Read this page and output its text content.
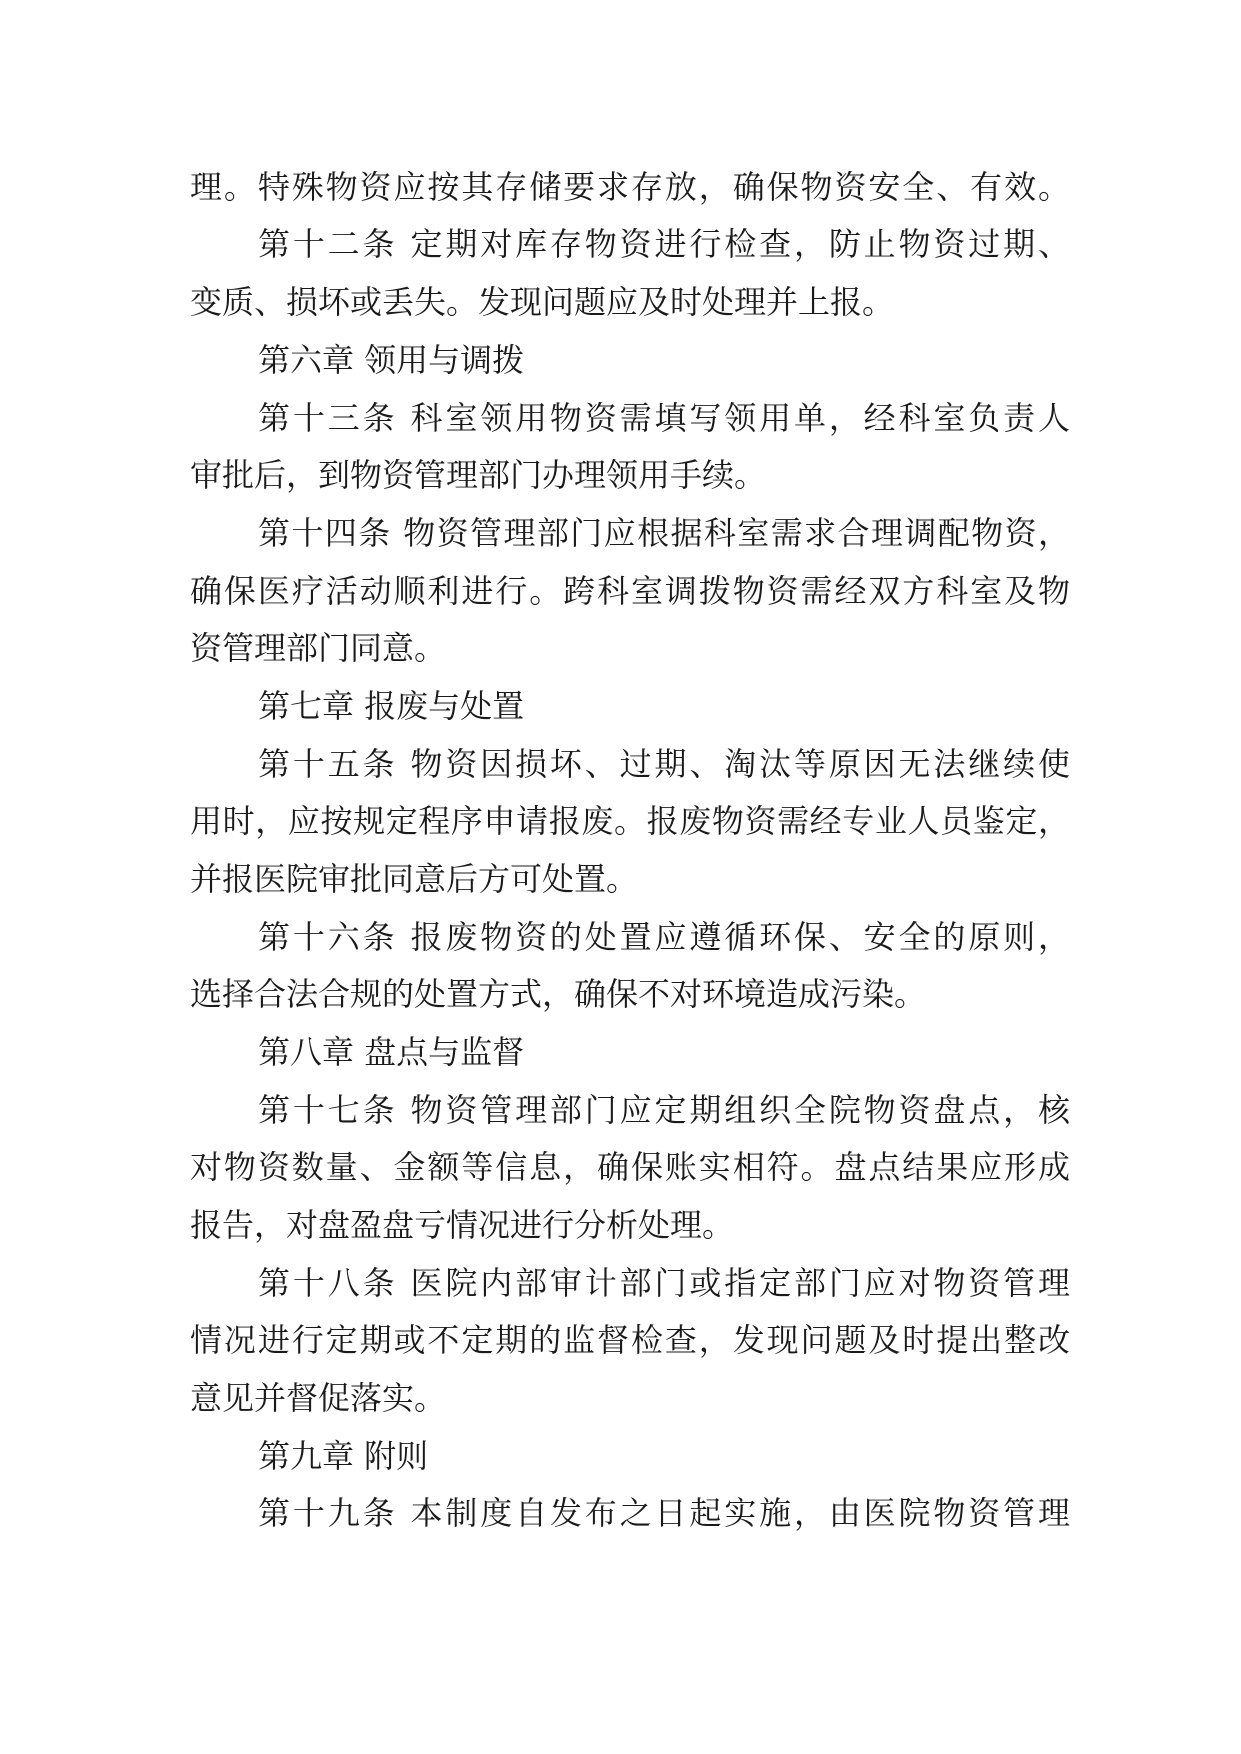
理。特殊物资应按其存储要求存放，确保物资安全、有效。
第十二条 定期对库存物资进行检查，防止物资过期、
变质、损坏或丢失。发现问题应及时处理并上报。
第六章 领用与调拨
第十三条 科室领用物资需填写领用单，经科室负责人
审批后，到物资管理部门办理领用手续。
第十四条 物资管理部门应根据科室需求合理调配物资，
确保医疗活动顺利进行。跨科室调拨物资需经双方科室及物
资管理部门同意。
第七章 报废与处置
第十五条 物资因损坏、过期、淘汰等原因无法继续使
用时，应按规定程序申请报废。报废物资需经专业人员鉴定，
并报医院审批同意后方可处置。
第十六条 报废物资的处置应遵循环保、安全的原则，
选择合法合规的处置方式，确保不对环境造成污染。
第八章 盘点与监督
第十七条 物资管理部门应定期组织全院物资盘点，核
对物资数量、金额等信息，确保账实相符。盘点结果应形成
报告，对盘盈盘亏情况进行分析处理。
第十八条 医院内部审计部门或指定部门应对物资管理
情况进行定期或不定期的监督检查，发现问题及时提出整改
意见并督促落实。
第九章 附则
第十九条 本制度自发布之日起实施，由医院物资管理
